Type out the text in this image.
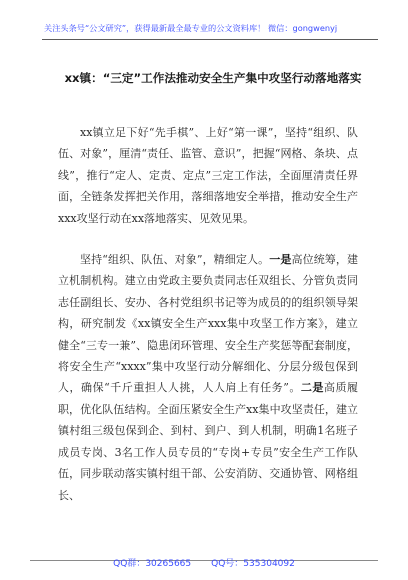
关注头条号“公文研究”，获得最新最全最专业的公文资料库！ 微信：gongwenyj
xx镇：“三定”工作法推动安全生产集中攻坚行动落地落实

xx镇立足下好“先手棋”、上好“第一课”，坚持“组织、队伍、对象”，厘清“责任、监管、意识”，把握“网格、条块、点线”，推行“定人、定责、定点”三定工作法，全面厘清责任界面，全链条发挥把关作用，落细落地安全举措，推动安全生产xxx攻坚行动在xx落地落实、见效见果。

坚持“组织、队伍、对象”，精细定人。一是高位统筹，建立机制机构。建立由党政主要负责同志任双组长、分管负责同志任副组长、安办、各村党组织书记等为成员的的组织领导架构，研究制发《xx镇安全生产xxx集中攻坚工作方案》，建立健全“三专一兼”、隐患闭环管理、安全生产奖惩等配套制度，将安全生产“xxxx”集中攻坚行动分解细化、分层分级包保到人，确保“千斤重担人人挑，人人肩上有任务”。二是高质履职，优化队伍结构。全面压紧安全生产xx集中攻坚责任，建立镇村组三级包保到企、到村、到户、到人机制，明确1名班子成员专岗、3名工作人员专员的“专岗+专员”安全生产工作队伍，同步联动落实镇村组干部、公安消防、交通协管、网格组长、

QQ群：30265665 QQ号：535304092
